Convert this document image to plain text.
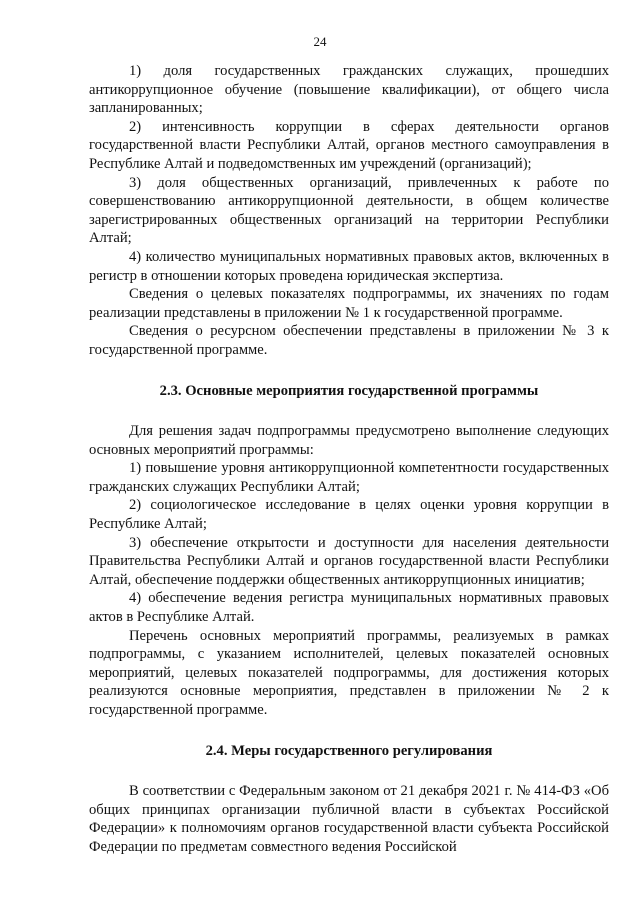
24

1) доля государственных гражданских служащих, прошедших антикоррупционное обучение (повышение квалификации), от общего числа запланированных;

2) интенсивность коррупции в сферах деятельности органов государственной власти Республики Алтай, органов местного самоуправления в Республике Алтай и подведомственных им учреждений (организаций);

3) доля общественных организаций, привлеченных к работе по совершенствованию антикоррупционной деятельности, в общем количестве зарегистрированных общественных организаций на территории Республики Алтай;

4) количество муниципальных нормативных правовых актов, включенных в регистр в отношении которых проведена юридическая экспертиза.

Сведения о целевых показателях подпрограммы, их значениях по годам реализации представлены в приложении № 1 к государственной программе.

Сведения о ресурсном обеспечении представлены в приложении № 3 к государственной программе.

2.3. Основные мероприятия государственной программы

Для решения задач подпрограммы предусмотрено выполнение следующих основных мероприятий программы:

1) повышение уровня антикоррупционной компетентности государственных гражданских служащих Республики Алтай;

2) социологическое исследование в целях оценки уровня коррупции в Республике Алтай;

3) обеспечение открытости и доступности для населения деятельности Правительства Республики Алтай и органов государственной власти Республики Алтай, обеспечение поддержки общественных антикоррупционных инициатив;

4) обеспечение ведения регистра муниципальных нормативных правовых актов в Республике Алтай.

Перечень основных мероприятий программы, реализуемых в рамках подпрограммы, с указанием исполнителей, целевых показателей основных мероприятий, целевых показателей подпрограммы, для достижения которых реализуются основные мероприятия, представлен в приложении № 2 к государственной программе.

2.4. Меры государственного регулирования

В соответствии с Федеральным законом от 21 декабря 2021 г. № 414-ФЗ «Об общих принципах организации публичной власти в субъектах Российской Федерации» к полномочиям органов государственной власти субъекта Российской Федерации по предметам совместного ведения Российской
